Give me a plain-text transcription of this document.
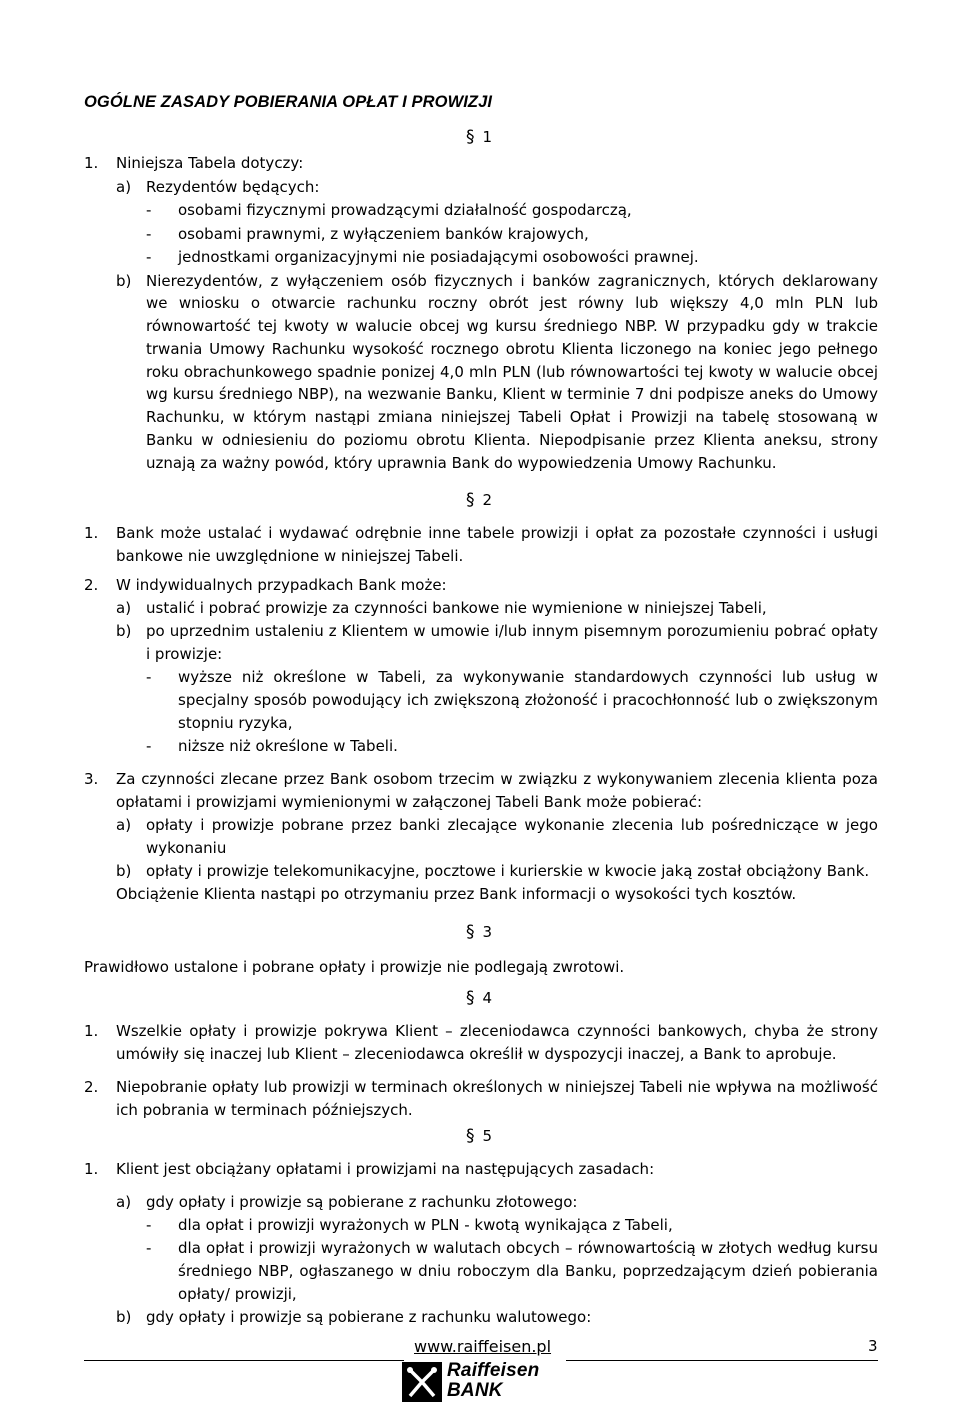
OGÓLNE ZASADY POBIERANIA OPŁAT I PROWIZJI
§ 1
1. Niniejsza Tabela dotyczy:
a) Rezydentów będących:
- osobami fizycznymi prowadzącymi działalność gospodarczą,
- osobami prawnymi, z wyłączeniem banków krajowych,
- jednostkami organizacyjnymi nie posiadającymi osobowości prawnej.
b) Nierezydentów, z wyłączeniem osób fizycznych i banków zagranicznych, których deklarowany we wniosku o otwarcie rachunku roczny obrót jest równy lub większy 4,0 mln PLN lub równowartość tej kwoty w walucie obcej wg kursu średniego NBP. W przypadku gdy w trakcie trwania Umowy Rachunku wysokość rocznego obrotu Klienta liczonego na koniec jego pełnego roku obrachunkowego spadnie ponizej 4,0 mln PLN (lub równowartości tej kwoty w walucie obcej wg kursu średniego NBP), na wezwanie Banku, Klient w terminie 7 dni podpisze aneks do Umowy Rachunku, w którym nastąpi zmiana niniejszej Tabeli Opłat i Prowizji na tabelę stosowaną w Banku w odniesieniu do poziomu obrotu Klienta. Niepodpisanie przez Klienta aneksu, strony uznają za ważny powód, który uprawnia Bank do wypowiedzenia Umowy Rachunku.
§ 2
1. Bank może ustalać i wydawać odrębnie inne tabele prowizji i opłat za pozostałe czynności i usługi bankowe nie uwzględnione w niniejszej Tabeli.
2. W indywidualnych przypadkach Bank może:
a) ustalić i pobrać prowizje za czynności bankowe nie wymienione w niniejszej Tabeli,
b) po uprzednim ustaleniu z Klientem w umowie i/lub innym pisemnym porozumieniu pobrać opłaty i prowizje:
- wyższe niż określone w Tabeli, za wykonywanie standardowych czynności lub usług w specjalny sposób powodujący ich zwiększoną złożoność i pracochłonność lub o zwiększonym stopniu ryzyka,
- niższe niż określone w Tabeli.
3. Za czynności zlecane przez Bank osobom trzecim w związku z wykonywaniem zlecenia klienta poza opłatami i prowizjami wymienionymi w załączonej Tabeli Bank może pobierać:
a) opłaty i prowizje pobrane przez banki zlecające wykonanie zlecenia lub pośredniczące w jego wykonaniu
b) opłaty i prowizje telekomunikacyjne, pocztowe i kurierskie w kwocie jaką został obciążony Bank.
Obciążenie Klienta nastąpi po otrzymaniu przez Bank informacji o wysokości tych kosztów.
§ 3
Prawidłowo ustalone i pobrane opłaty i prowizje nie podlegają zwrotowi.
§ 4
1. Wszelkie opłaty i prowizje pokrywa Klient – zleceniodawca czynności bankowych, chyba że strony umówiły się inaczej lub Klient – zleceniodawca określił w dyspozycji inaczej, a Bank to aprobuje.
2. Niepobranie opłaty lub prowizji w terminach określonych w niniejszej Tabeli nie wpływa na możliwość ich pobrania w terminach późniejszych.
§ 5
1. Klient jest obciążany opłatami i prowizjami na następujących zasadach:
a) gdy opłaty i prowizje są pobierane z rachunku złotowego:
- dla opłat i prowizji wyrażonych w PLN - kwotą wynikająca z Tabeli,
- dla opłat i prowizji wyrażonych w walutach obcych – równowartością w złotych według kursu średniego NBP, ogłaszanego w dniu roboczym dla Banku, poprzedzającym dzień pobierania opłaty/ prowizji,
b) gdy opłaty i prowizje są pobierane z rachunku walutowego:
www.raiffeisen.pl	3
Raiffeisen
BANK
